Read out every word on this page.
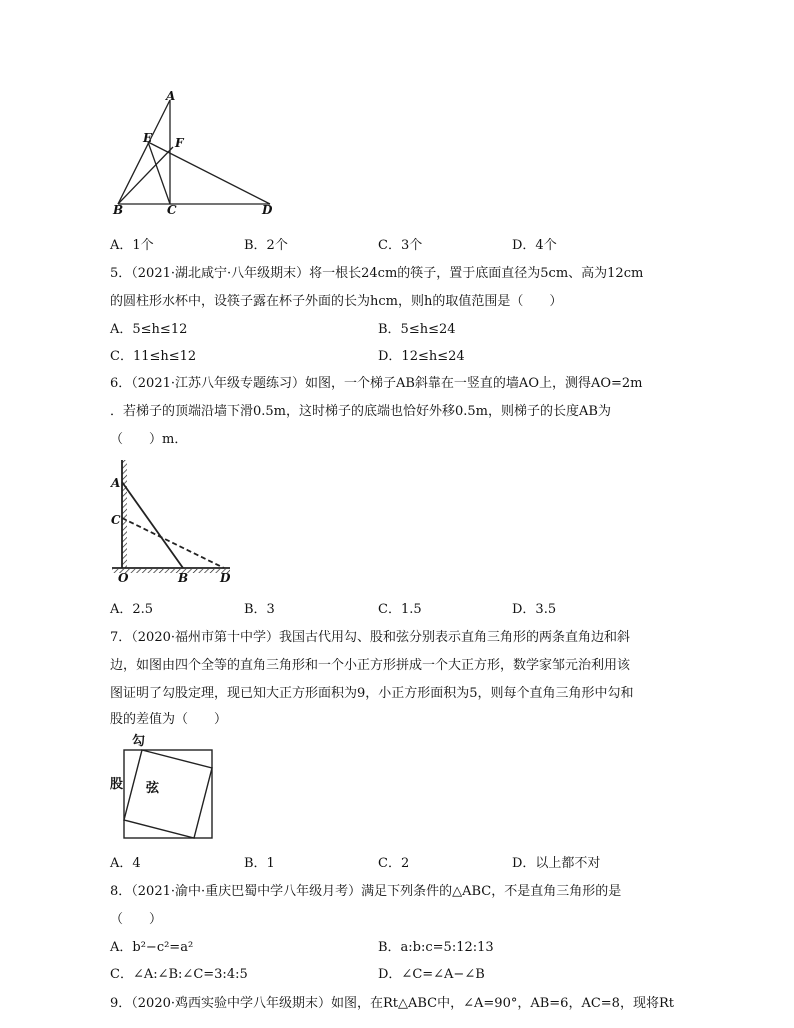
A
E F
B	C	D
A．1个	B．2个	C．3个	D．4个
5．（2021·湖北咸宁·八年级期末）将一根长24cm的筷子，置于底面直径为5cm、高为12cm
的圆柱形水杯中，设筷子露在杯子外面的长为hcm，则h的取值范围是（　　）
A．5≤h≤12	B．5≤h≤24
C．11≤h≤12	D．12≤h≤24
6．（2021·江苏八年级专题练习）如图，一个梯子AB斜靠在一竖直的墙AO上，测得AO=2m
．若梯子的顶端沿墙下滑0.5m，这时梯子的底端也恰好外移0.5m，则梯子的长度AB为
（　　）m．
A
C
O	B	D
A．2.5	B．3	C．1.5	D．3.5
7．（2020·福州市第十中学）我国古代用勾、股和弦分别表示直角三角形的两条直角边和斜
边，如图由四个全等的直角三角形和一个小正方形拼成一个大正方形，数学家邹元治利用该
图证明了勾股定理，现已知大正方形面积为9，小正方形面积为5，则每个直角三角形中勾和
股的差值为（　　）
勾
股 弦
A．4	B．1	C．2	D．以上都不对
8．（2021·渝中·重庆巴蜀中学八年级月考）满足下列条件的△ABC，不是直角三角形的是
（　　）
A．b²−c²=a²	B．a:b:c=5:12:13
C．∠A:∠B:∠C=3:4:5	D．∠C=∠A−∠B
9．（2020·鸡西实验中学八年级期末）如图，在Rt△ABC中，∠A=90°，AB=6，AC=8，现将Rt
